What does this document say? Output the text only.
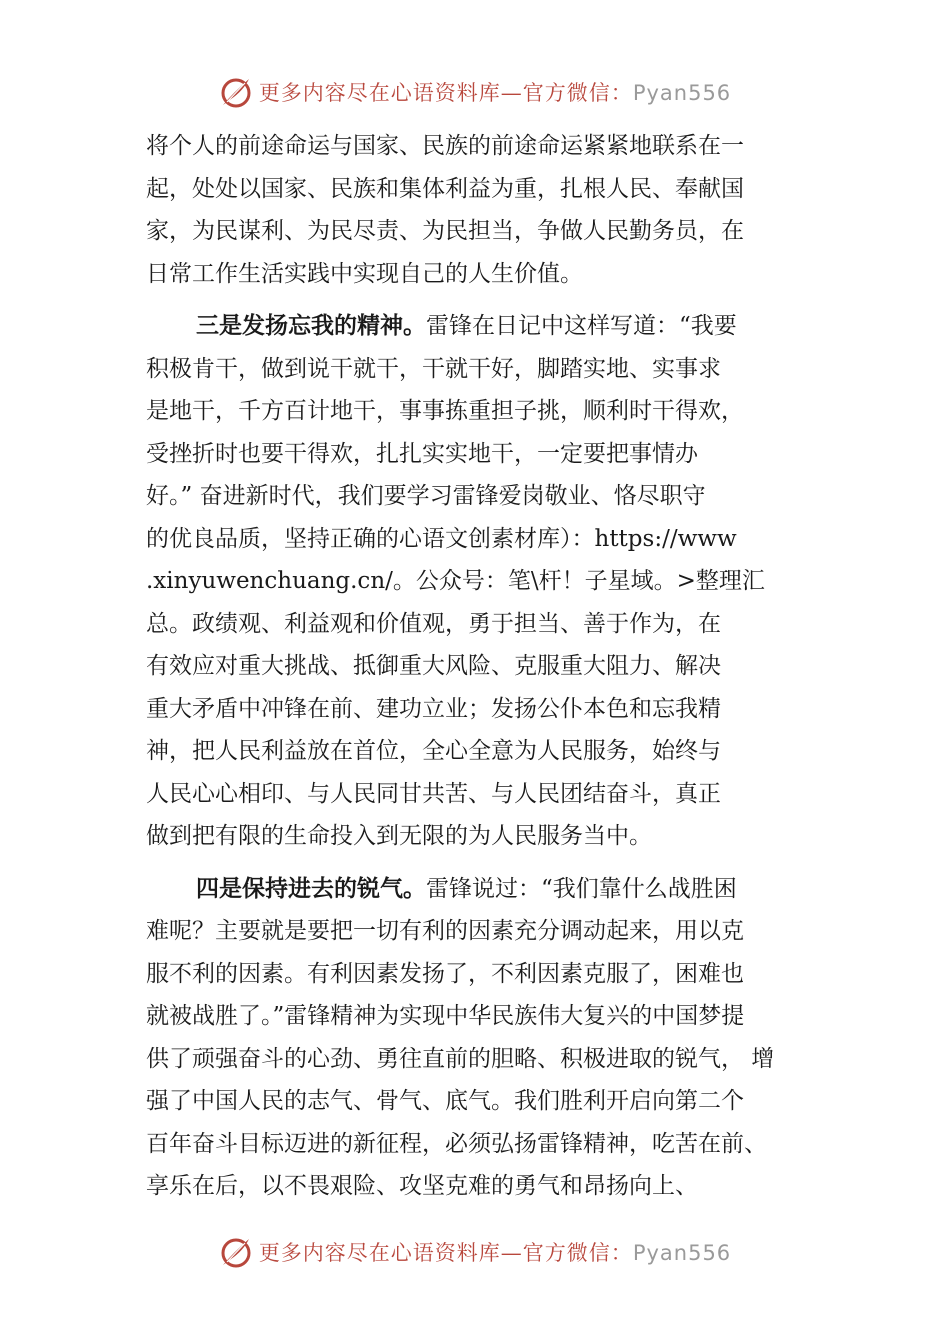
更多内容尽在心语资料库—官方微信：Pyan556
将个人的前途命运与国家、民族的前途命运紧紧地联系在一
起，处处以国家、民族和集体利益为重，扎根人民、奉献国
家，为民谋利、为民尽责、为民担当，争做人民勤务员，在
日常工作生活实践中实现自己的人生价值。
三是发扬忘我的精神。雷锋在日记中这样写道：“我要
积极肯干，做到说干就干，干就干好，脚踏实地、实事求
是地干，千方百计地干，事事拣重担子挑，顺利时干得欢，
受挫折时也要干得欢，扎扎实实地干，一定要把事情办
好。” 奋进新时代，我们要学习雷锋爱岗敬业、恪尽职守
的优良品质，坚持正确的心语文创素材库）：https://www
.xinyuwenchuang.cn/。公众号：笔\杆！子星域。>整理汇
总。政绩观、利益观和价值观，勇于担当、善于作为，在
有效应对重大挑战、抵御重大风险、克服重大阻力、解决
重大矛盾中冲锋在前、建功立业；发扬公仆本色和忘我精
神，把人民利益放在首位，全心全意为人民服务，始终与
人民心心相印、与人民同甘共苦、与人民团结奋斗，真正
做到把有限的生命投入到无限的为人民服务当中。
四是保持进去的锐气。雷锋说过：“我们靠什么战胜困
难呢？主要就是要把一切有利的因素充分调动起来，用以克
服不利的因素。有利因素发扬了，不利因素克服了，困难也
就被战胜了。”雷锋精神为实现中华民族伟大复兴的中国梦提
供了顽强奋斗的心劲、勇往直前的胆略、积极进取的锐气， 增
强了中国人民的志气、骨气、底气。我们胜利开启向第二个
百年奋斗目标迈进的新征程，必须弘扬雷锋精神，吃苦在前、
享乐在后，以不畏艰险、攻坚克难的勇气和昂扬向上、
更多内容尽在心语资料库—官方微信：Pyan556
